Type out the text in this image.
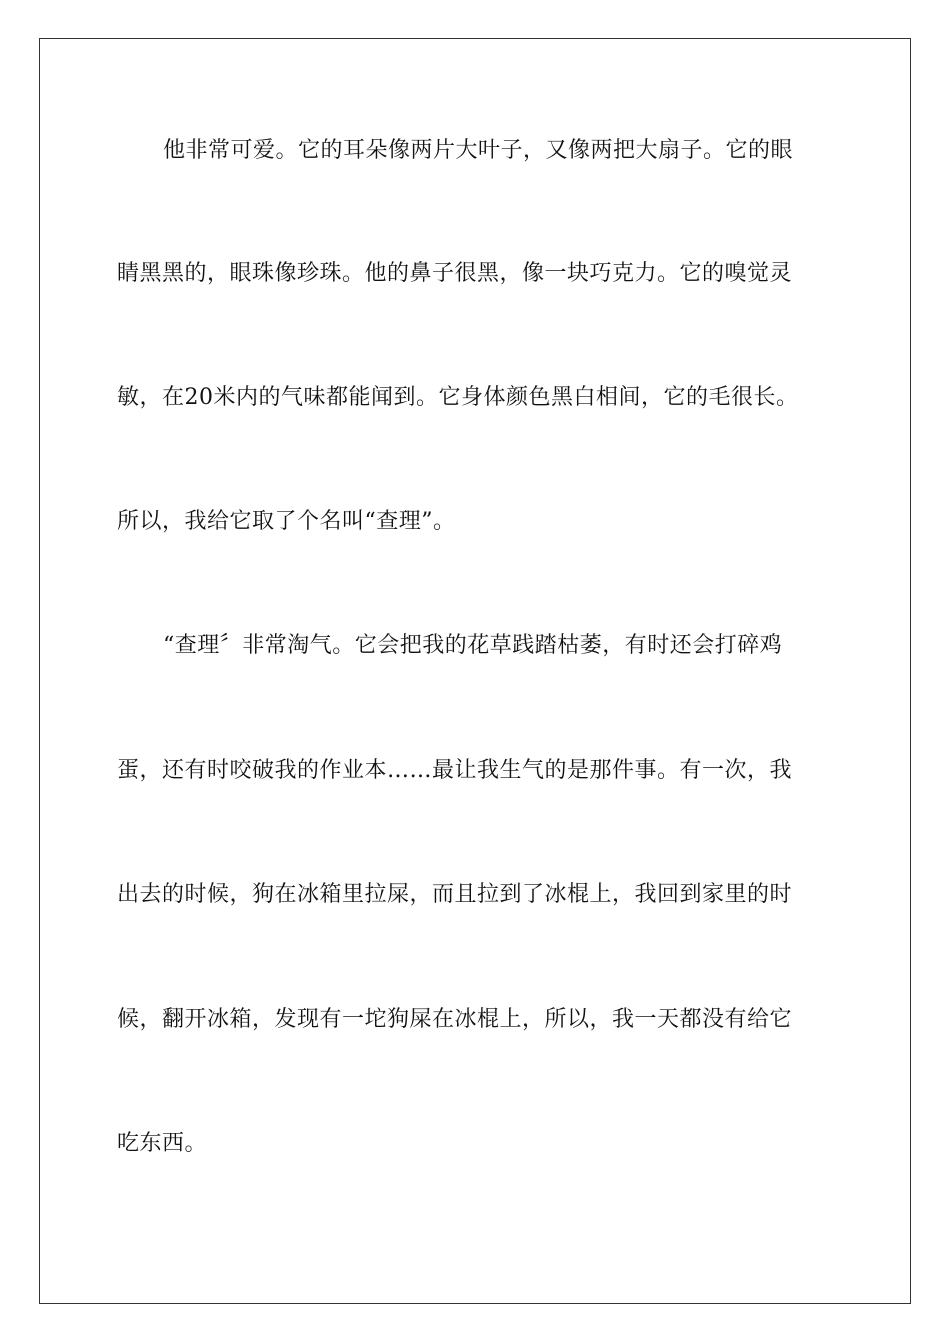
他非常可爱。它的耳朵像两片大叶子，又像两把大扇子。它的眼
睛黑黑的，眼珠像珍珠。他的鼻子很黑，像一块巧克力。它的嗅觉灵
敏，在20米内的气味都能闻到。它身体颜色黑白相间，它的毛很长。
所以，我给它取了个名叫“查理”。
“查理〞非常淘气。它会把我的花草践踏枯萎，有时还会打碎鸡
蛋，还有时咬破我的作业本……最让我生气的是那件事。有一次，我
出去的时候，狗在冰箱里拉屎，而且拉到了冰棍上，我回到家里的时
候，翻开冰箱，发现有一坨狗屎在冰棍上，所以，我一天都没有给它
吃东西。
